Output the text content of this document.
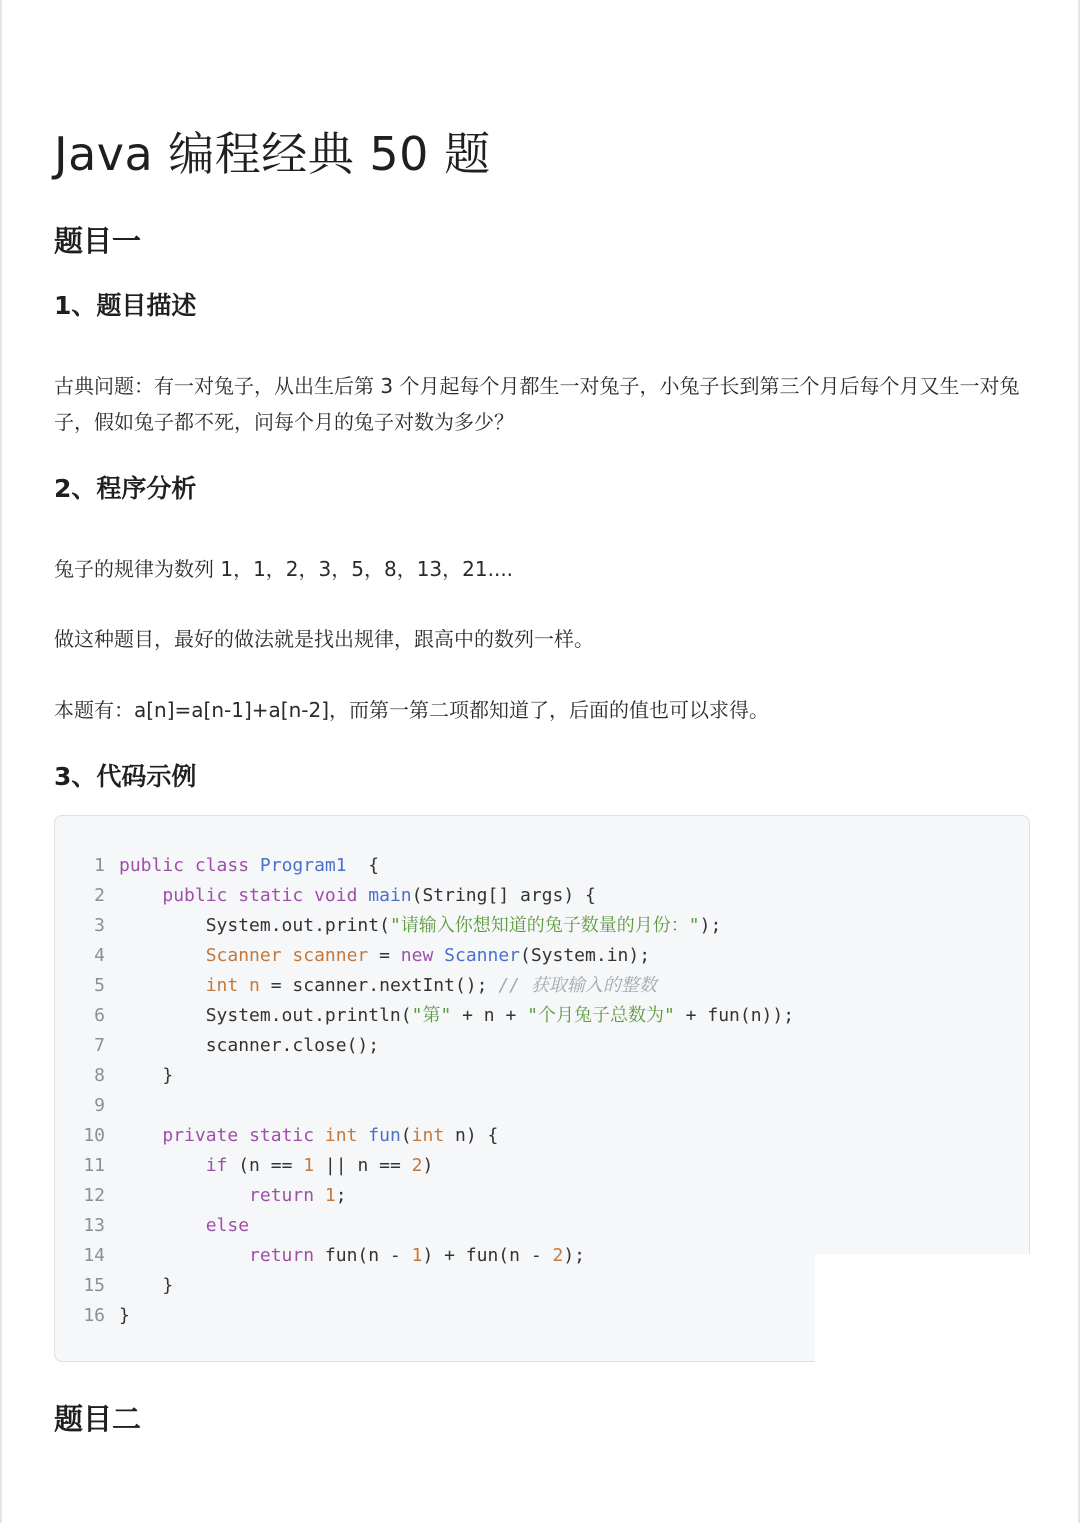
Java 编程经典 50 题
题目一
1、题目描述

古典问题：有一对兔子，从出生后第 3 个月起每个月都生一对兔子，小兔子长到第三个月后每个月又生一对兔子，假如兔子都不死，问每个月的兔子对数为多少？

2、程序分析

兔子的规律为数列 1，1，2，3，5，8，13，21....

做这种题目，最好的做法就是找出规律，跟高中的数列一样。

本题有：a[n]=a[n-1]+a[n-2]，而第一第二项都知道了，后面的值也可以求得。

3、代码示例
1 public class Program1  {
2	public static void main(String[] args) {
3        System.out.print("请输入你想知道的兔子数量的月份：");
4	Scanner scanner = new Scanner(System.in);
5	int n = scanner.nextInt(); // 获取输入的整数
6        System.out.println("第" + n + "个月兔子总数为" + fun(n));
7        scanner.close();
8    }
9
10	private static int fun(int n) {
11	if (n == 1 || n == 2)
12	return 1;
13	else
14	return fun(n - 1) + fun(n - 2);
15    }
16 }
题目二
